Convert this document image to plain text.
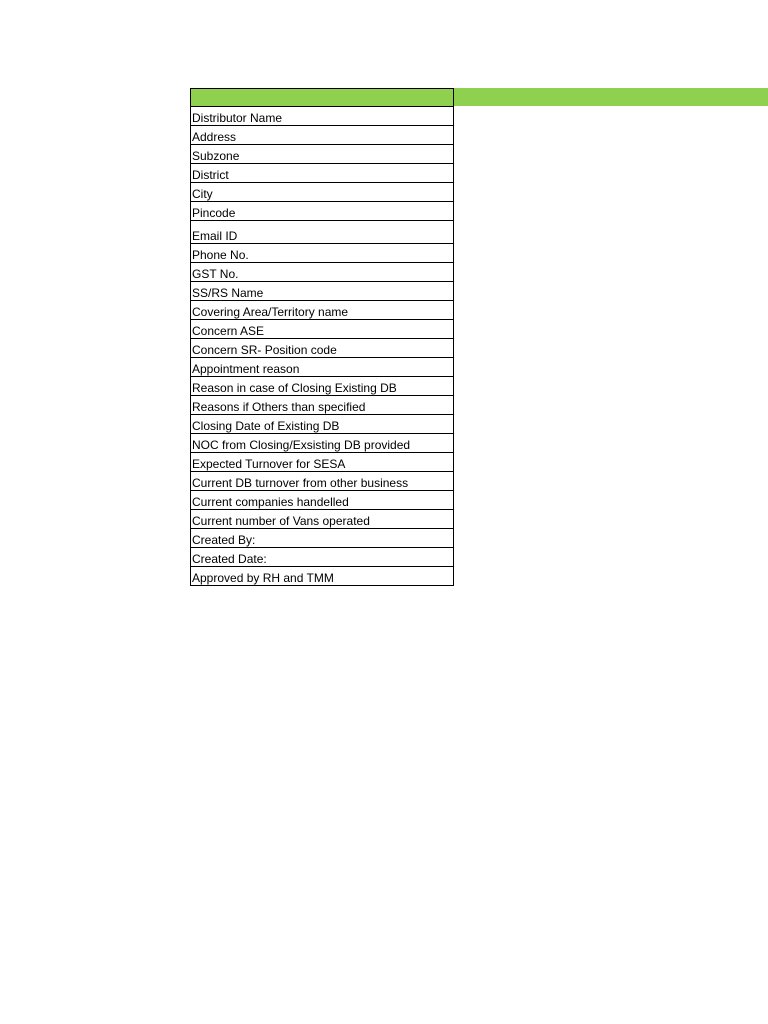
Distributor Name
Address
Subzone
District
City
Pincode
Email ID
Phone No.
GST No.
SS/RS Name
Covering Area/Territory name
Concern ASE
Concern SR- Position code
Appointment reason
Reason in case of Closing Existing DB
Reasons if Others than specified
Closing Date of Existing DB
NOC from Closing/Exsisting DB provided
Expected Turnover for SESA
Current DB turnover from other business
Current companies handelled
Current number of Vans operated
Created By:
Created Date:
Approved by RH and TMM
